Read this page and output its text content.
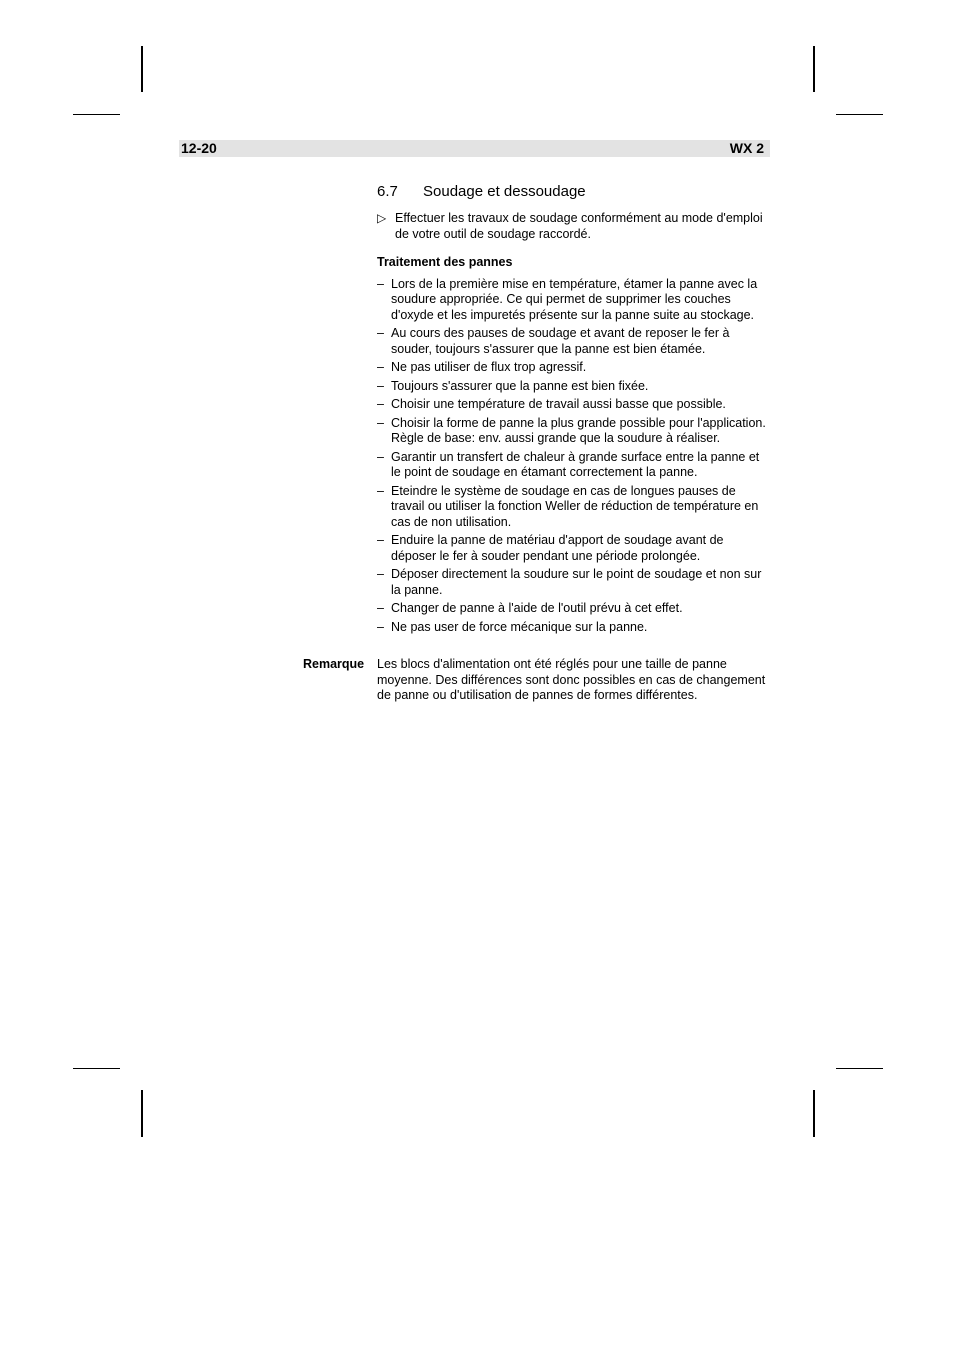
12-20	WX 2
6.7	Soudage et dessoudage
▷ Effectuer les travaux de soudage conformément au mode d'emploi de votre outil de soudage raccordé.
Traitement des pannes
– Lors de la première mise en température, étamer la panne avec la soudure appropriée. Ce qui permet de supprimer les couches d'oxyde et les impuretés présente sur la panne suite au stockage.
– Au cours des pauses de soudage et avant de reposer le fer à souder, toujours s'assurer que la panne est bien étamée.
– Ne pas utiliser de flux trop agressif.
– Toujours s'assurer que la panne est bien fixée.
– Choisir une température de travail aussi basse que possible.
– Choisir la forme de panne la plus grande possible pour l'application. Règle de base: env. aussi grande que la soudure à réaliser.
– Garantir un transfert de chaleur à grande surface entre la panne et le point de soudage en étamant correctement la panne.
– Eteindre le système de soudage en cas de longues pauses de travail ou utiliser la fonction Weller de réduction de température en cas de non utilisation.
– Enduire la panne de matériau d'apport de soudage avant de déposer le fer à souder pendant une période prolongée.
– Déposer directement la soudure sur le point de soudage et non sur la panne.
– Changer de panne à l'aide de l'outil prévu à cet effet.
– Ne pas user de force mécanique sur la panne.
Remarque	Les blocs d'alimentation ont été réglés pour une taille de panne moyenne. Des différences sont donc possibles en cas de changement de panne ou d'utilisation de pannes de formes différentes.
